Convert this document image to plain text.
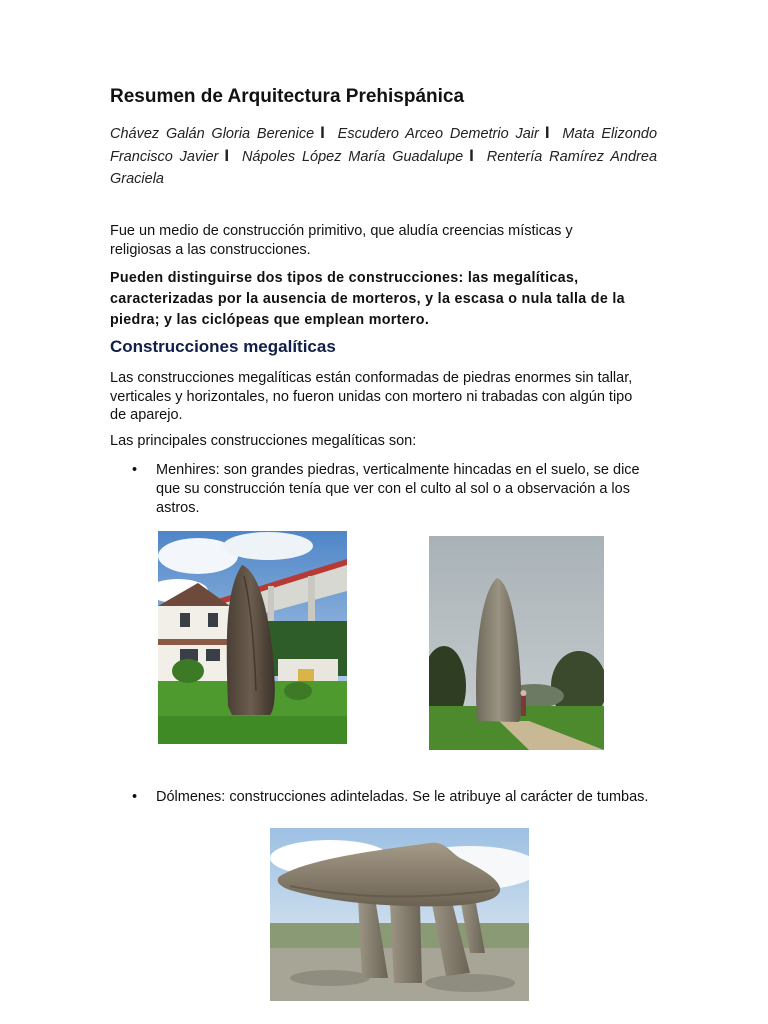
Resumen de Arquitectura Prehispánica
Chávez Galán Gloria Berenice I Escudero Arceo Demetrio Jair I Mata Elizondo Francisco Javier I Nápoles López María Guadalupe I Rentería Ramírez Andrea Graciela

Fue un medio de construcción primitivo, que aludía creencias místicas y religiosas a las construcciones.

Pueden distinguirse dos tipos de construcciones: las megalíticas, caracterizadas por la ausencia de morteros, y la escasa o nula talla de la piedra; y las ciclópeas que emplean mortero.

Construcciones megalíticas

Las construcciones megalíticas están conformadas de piedras enormes sin tallar, verticales y horizontales, no fueron unidas con mortero ni trabadas con algún tipo de aparejo.

Las principales construcciones megalíticas son:

• Menhires: son grandes piedras, verticalmente hincadas en el suelo, se dice que su construcción tenía que ver con el culto al sol o a observación a los astros.
• Dólmenes: construcciones adinteladas. Se le atribuye al carácter de tumbas.
